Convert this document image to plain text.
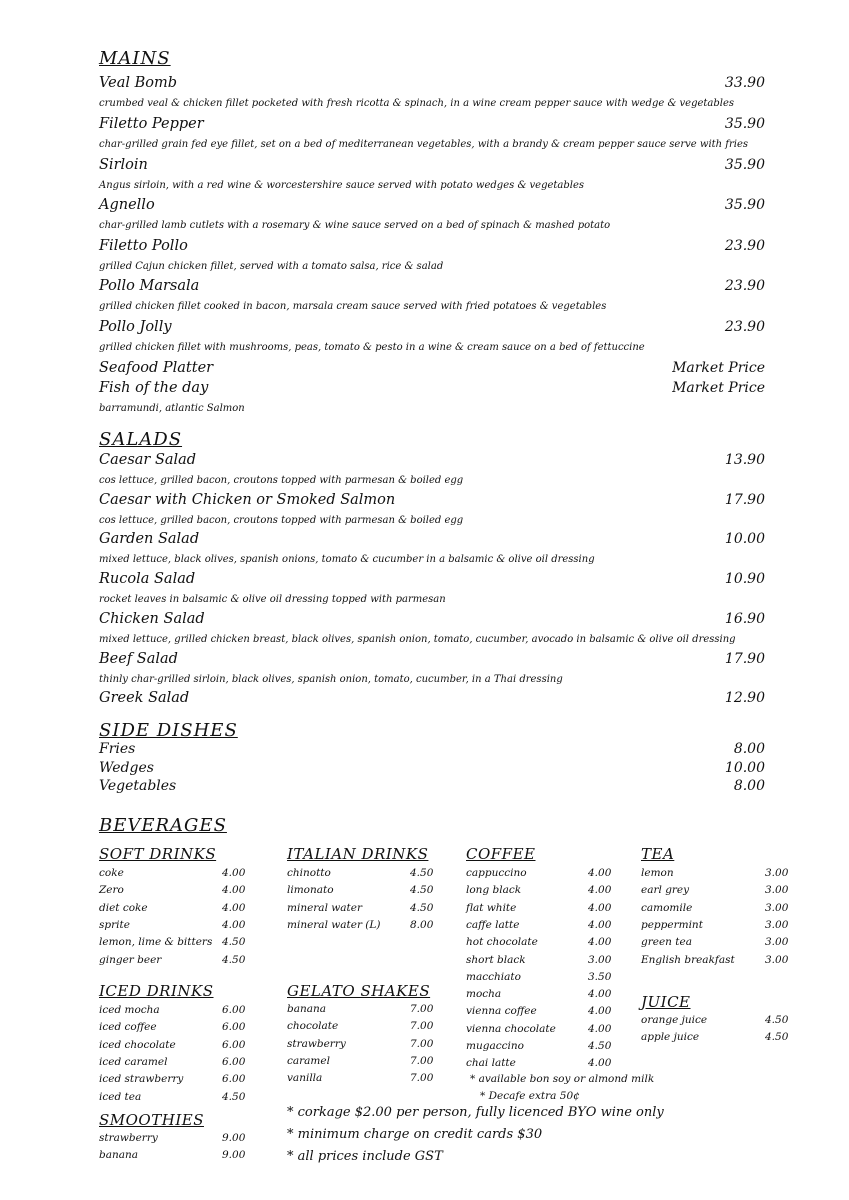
MAINS
Veal Bomb	33.90
crumbed veal & chicken fillet pocketed with fresh ricotta & spinach, in a wine cream pepper sauce with wedge & vegetables
Filetto Pepper	35.90
char-grilled grain fed eye fillet, set on a bed of mediterranean vegetables, with a brandy & cream pepper sauce serve with fries
Sirloin	35.90
Angus sirloin, with a red wine & worcestershire sauce served with potato wedges & vegetables
Agnello	35.90
char-grilled lamb cutlets with a rosemary & wine sauce served on a bed of spinach & mashed potato
Filetto Pollo	23.90
grilled Cajun chicken fillet, served with a tomato salsa, rice & salad
Pollo Marsala	23.90
grilled chicken fillet cooked in bacon, marsala cream sauce served with fried potatoes & vegetables
Pollo Jolly	23.90
grilled chicken fillet with mushrooms, peas, tomato & pesto in a wine & cream sauce on a bed of fettuccine
Seafood Platter	Market Price
Fish of the day	Market Price
barramundi, atlantic Salmon
SALADS
Caesar Salad	13.90
cos lettuce, grilled bacon, croutons topped with parmesan & boiled egg
Caesar with Chicken or Smoked Salmon	17.90
cos lettuce, grilled bacon, croutons topped with parmesan & boiled egg
Garden Salad	10.00
mixed lettuce, black olives, spanish onions, tomato & cucumber in a balsamic & olive oil dressing
Rucola Salad	10.90
rocket leaves in balsamic & olive oil dressing topped with parmesan
Chicken Salad	16.90
mixed lettuce, grilled chicken breast, black olives, spanish onion, tomato, cucumber, avocado in balsamic & olive oil dressing
Beef Salad	17.90
thinly char-grilled sirloin, black olives, spanish onion, tomato, cucumber, in a Thai dressing
Greek Salad	12.90
SIDE DISHES
Fries	8.00
Wedges	10.00
Vegetables	8.00
BEVERAGES
SOFT DRINKS
coke	4.00
Zero	4.00
diet coke	4.00
sprite	4.00
lemon, lime & bitters 4.50
ginger beer	4.50
ICED DRINKS
iced mocha	6.00
iced coffee	6.00
iced chocolate	6.00
iced caramel	6.00
iced strawberry	6.00
iced tea	4.50
SMOOTHIES
strawberry	9.00
banana	9.00
ITALIAN DRINKS
chinotto	4.50
limonato	4.50
mineral water	4.50
mineral water (L)	8.00
GELATO SHAKES
banana	7.00
chocolate	7.00
strawberry	7.00
caramel	7.00
vanilla	7.00
COFFEE
cappuccino	4.00
long black	4.00
flat white	4.00
caffe latte	4.00
hot chocolate	4.00
short black	3.00
macchiato	3.50
mocha	4.00
vienna coffee	4.00
vienna chocolate	4.00
mugaccino	4.50
chai latte	4.00
* available bon soy or almond milk
* Decafe extra 50¢
TEA
lemon	3.00
earl grey	3.00
camomile	3.00
peppermint	3.00
green tea	3.00
English breakfast	3.00
JUICE
orange juice	4.50
apple juice	4.50
* corkage $2.00 per person, fully licenced BYO wine only
* minimum charge on credit cards $30
* all prices include GST
